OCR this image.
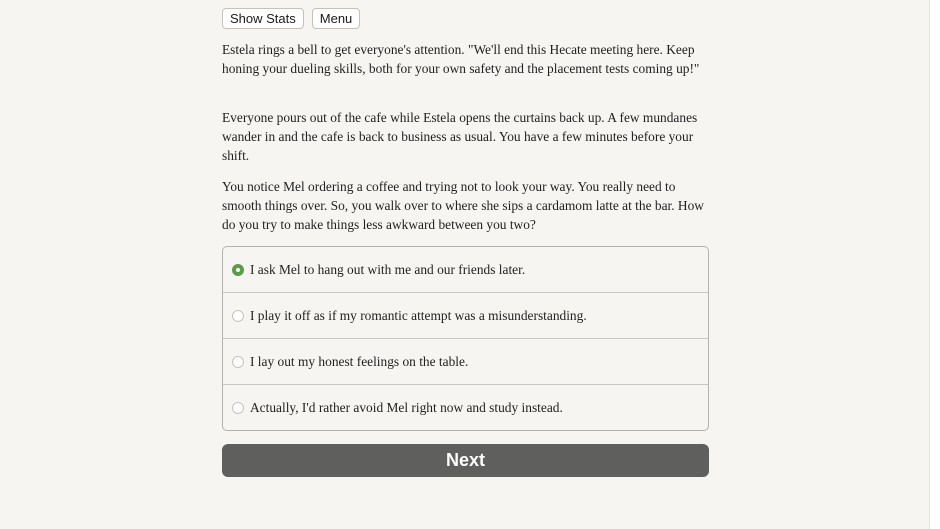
Show Stats	Menu

Estela rings a bell to get everyone's attention. "We'll end this Hecate meeting here. Keep honing your dueling skills, both for your own safety and the placement tests coming up!"

Everyone pours out of the cafe while Estela opens the curtains back up. A few mundanes wander in and the cafe is back to business as usual. You have a few minutes before your shift.

You notice Mel ordering a coffee and trying not to look your way. You really need to smooth things over. So, you walk over to where she sips a cardamom latte at the bar. How do you try to make things less awkward between you two?

I ask Mel to hang out with me and our friends later.
I play it off as if my romantic attempt was a misunderstanding.
I lay out my honest feelings on the table.
Actually, I'd rather avoid Mel right now and study instead.
Next
